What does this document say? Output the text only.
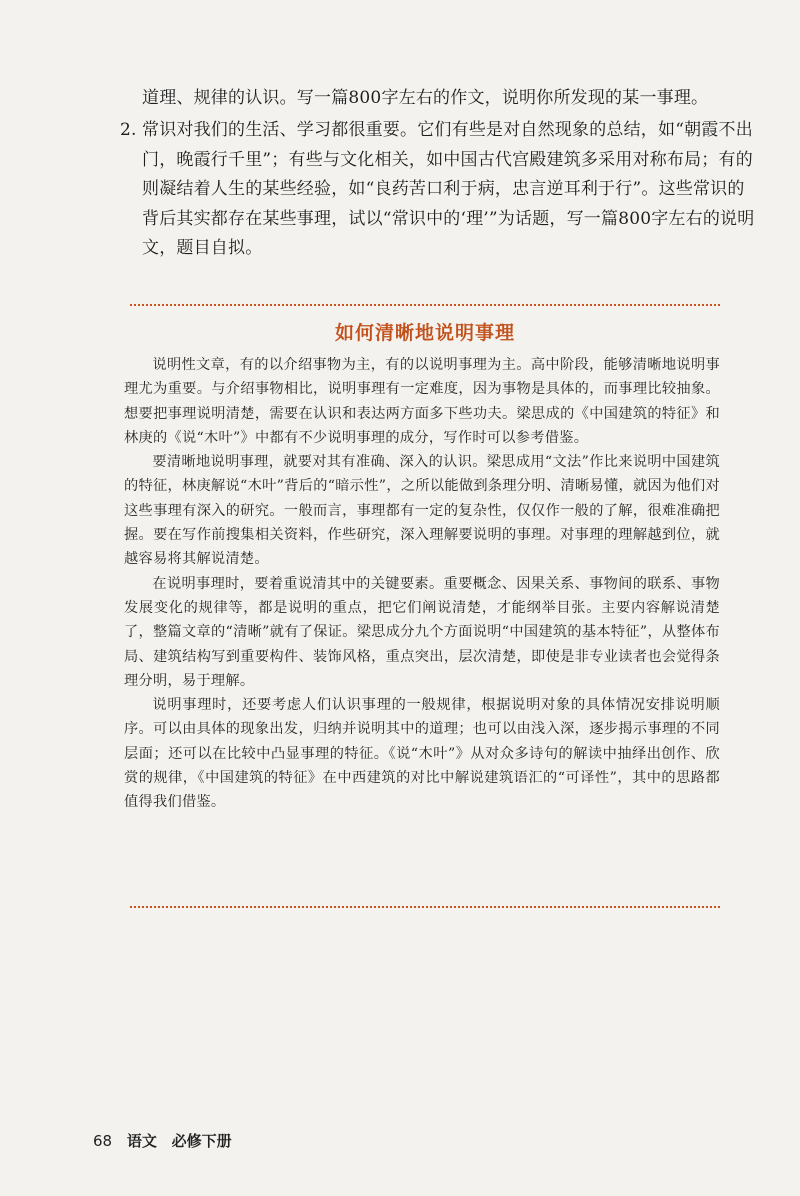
道理、规律的认识。写一篇800字左右的作文，说明你所发现的某一事理。
2. 常识对我们的生活、学习都很重要。它们有些是对自然现象的总结，如“朝霞不出门，晚霞行千里”；有些与文化相关，如中国古代宫殿建筑多采用对称布局；有的则凝结着人生的某些经验，如“良药苦口利于病，忠言逆耳利于行”。这些常识的背后其实都存在某些事理，试以“常识中的‘理’”为话题，写一篇800字左右的说明文，题目自拟。
如何清晰地说明事理

说明性文章，有的以介绍事物为主，有的以说明事理为主。高中阶段，能够清晰地说明事理尤为重要。与介绍事物相比，说明事理有一定难度，因为事物是具体的，而事理比较抽象。想要把事理说明清楚，需要在认识和表达两方面多下些功夫。梁思成的《中国建筑的特征》和林庚的《说“木叶”》中都有不少说明事理的成分，写作时可以参考借鉴。

要清晰地说明事理，就要对其有准确、深入的认识。梁思成用“文法”作比来说明中国建筑的特征，林庚解说“木叶”背后的“暗示性”，之所以能做到条理分明、清晰易懂，就因为他们对这些事理有深入的研究。一般而言，事理都有一定的复杂性，仅仅作一般的了解，很难准确把握。要在写作前搜集相关资料，作些研究，深入理解要说明的事理。对事理的理解越到位，就越容易将其解说清楚。

在说明事理时，要着重说清其中的关键要素。重要概念、因果关系、事物间的联系、事物发展变化的规律等，都是说明的重点，把它们阐说清楚，才能纲举目张。主要内容解说清楚了，整篇文章的“清晰”就有了保证。梁思成分九个方面说明“中国建筑的基本特征”，从整体布局、建筑结构写到重要构件、装饰风格，重点突出，层次清楚，即使是非专业读者也会觉得条理分明，易于理解。

说明事理时，还要考虑人们认识事理的一般规律，根据说明对象的具体情况安排说明顺序。可以由具体的现象出发，归纳并说明其中的道理；也可以由浅入深，逐步揭示事理的不同层面；还可以在比较中凸显事理的特征。《说“木叶”》从对众多诗句的解读中抽绎出创作、欣赏的规律，《中国建筑的特征》在中西建筑的对比中解说建筑语汇的“可译性”，其中的思路都值得我们借鉴。

68 语文 必修下册
